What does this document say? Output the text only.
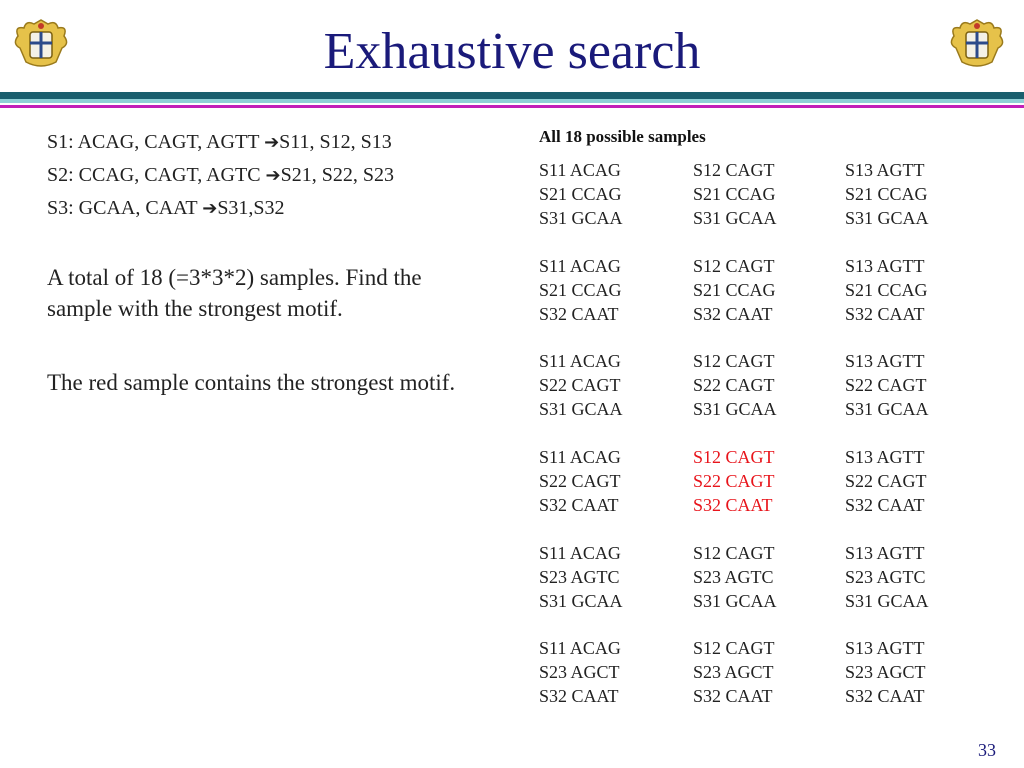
Exhaustive search
S1: ACAG, CAGT, AGTT ➔S11, S12, S13
S2: CCAG, CAGT, AGTC ➔S21, S22, S23
S3: GCAA, CAAT ➔S31,S32
A total of 18 (=3*3*2) samples. Find the sample with the strongest motif.
The red sample contains the strongest motif.
All 18 possible samples
S11 ACAG
S21 CCAG
S31 GCAA
S12 CAGT
S21 CCAG
S31 GCAA
S13 AGTT
S21 CCAG
S31 GCAA
S11 ACAG
S21 CCAG
S32 CAAT
S12 CAGT
S21 CCAG
S32 CAAT
S13 AGTT
S21 CCAG
S32 CAAT
S11 ACAG
S22 CAGT
S31 GCAA
S12 CAGT
S22 CAGT
S31 GCAA
S13 AGTT
S22 CAGT
S31 GCAA
S11 ACAG
S22 CAGT
S32 CAAT
S12 CAGT
S22 CAGT
S32 CAAT
S13 AGTT
S22 CAGT
S32 CAAT
S11 ACAG
S23 AGTC
S31 GCAA
S12 CAGT
S23 AGTC
S31 GCAA
S13 AGTT
S23 AGTC
S31 GCAA
S11 ACAG
S23 AGCT
S32 CAAT
S12 CAGT
S23 AGCT
S32 CAAT
S13 AGTT
S23 AGCT
S32 CAAT
33
